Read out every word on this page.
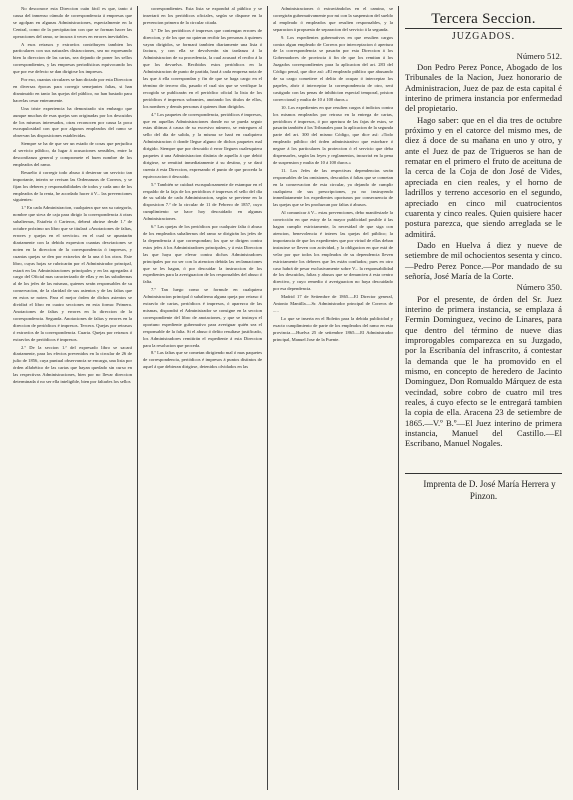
No desconoce esta Direccion cuán fácil es que, tanto á causa del inmenso cúmulo de correspondencia á empresas que se agolpan en algunas Administraciones, especialmente en la Central, como de la precipitacion con que se forman hacer las operaciones del ramo, se incurra á veces en errores inevitables.

A esos retrasos y extravíos contribuyen tambien los particulares con sus naturales distracciones, sea no expresando bien la direccion de las cartas, sea dejando de poner los sellos correspondientes, y las empresas periodísticas equivocando los que por ese defecto se dan dirigirse los impresos.

Por eso, cuantas circulares se han dictado por esta Direccion en diversas épocas para corregir semejantes faltas, si han disminuido en tanto las quejas del público, no han bastado para hacerlas cesar enteramente.

Una triste experiencia ha demostrado sin embargo que aunque muchas de esas quejas son originadas por los descuidos de los mismos interesados, otras reconocen por causa la poca escrupulosidad con que por algunos empleados del ramo se observan las disposiciones establecidas.

Siempre se ha de que ser un estado de cosas que perjudica al servicio público, da lugar á acusaciones sensibles, entre la desconfianza general y compromete el buen nombre de los empleados del ramo.

Resuelto á corregir todo abuso á desterrar un servicio tan importante, interin se revisan las Ordenanzas de Correos, y se fijan los deberes y responsabilidades de todos y cada uno de los empleados de la renta, he acordado hacer á V... las prevenciones siguientes:

1.º En cada Administracion, cualquiera que sea su categoría, nombre que sirva de caja para dirigir la correspondencia á otras subalternas, Estafeta ó Carteros, deberá abrirse desde 1.º de octubre próximo un libro que se titulará «Anotaciones de faltas, errores y quejas en el servicio» en el cual se apuntarán diariamente con la debida expresion cuantas desviaciones se noten en la direccion de la correspondencia ó impresos, y cuantas quejas se den por extravíos de la una ó los otros. Este libro, cuyas hojas se rubricarán por el Administrador principal, estará en las Administraciones principales y en las agregadas á cargo del Oficial mas caracterizado de ellas y en las subalternas al de los jefes de las mismas, quienes serán responsables de su conservacion, de la claridad de sus asientos y de las faltas que en estos se noten. Para el mejor órden de dichos asientos se dividirá el libro en cuatro secciones en esta forma: Primera. Anotaciones de faltas y errores en la direccion de la correspondencia. Segunda. Anotaciones de faltas y errores en la direccion de periódicos é impresos. Tercera. Quejas por retrasos ó extravíos de la correspondencia. Cuarta. Quejas por retrasos ó extravíos de periódicos é impresos.

2.º De la seccion 1.ª del expresado libro se sacará diariamente, para los efectos prevenidos en la circular de 26 de julio de 1856, cuya puntual observancia se encarga, una lista por órden alfabético de las cartas que hayan quedado sin curso en las respectivas Administraciones, bien por no llevar direccion determinada ó no ser ella inteligible, bien por faltarles los sellos

correspondientes. Esta lista se expondrá al público y se insertará en los periódicos oficiales, según se dispone en la prevencion primera de la circular citada.

3.º De los periódicos é impresos que contengan errores de direccion, y de los que no quieran recibir las personas á quienes vayan dirigidos, se formará tambien diariamente una lista ó factura, y con ella se devolverán sin tardanza á la Administracion de su procedencia, la cual acusará el recibo á la que los devuelva. Recibidos estos periódicos en la Administracion de punto de partida, hará á cada empresa nota de las que á ella correspondan y fin de que se haga cargo en el término de tercero día, pasado el cual sin que se verifique la recogida se publicarán en el periódico oficial la lista de los periódicos é impresos sobrantes, anotando los títulos de ellos, los nombres y demás personas á quienes iban dirigidos.

4.º Los paquetes de correspondencia, periódicos é impresos, que en aquellas Administraciones donde no se pueda seguir estas últimas á causa de su excesivo número, se entreguen al sello del día de salida, y la misma se hará en cualquiera Administracion ó donde llegue alguno de dichos paquetes mal dirigido. Siempre que por descuido ó error lleguen cualesquiera paquetes á una Administracion distinta de aquella á que debió dirigirse, se remitirá inmediatamente á su destino, y se dará cuenta á esta Direccion, expresando el punto de que proceda la equivocacion ó descuido.

5.º También se cuidará escrupulosamente de estampar en el respaldo de la faja de los periódicos é impresos el sello del día de su salida de cada Administracion, según se previene en la disposicion 7.ª de la circular de 11 de Febrero de 1857, cuyo cumplimiento se hace hoy descuidado en algunas Administraciones.

6.º Las quejas de los periódicos por cualquier falta ó abuso de los empleados subalternos del ramo se dirigirán los jefes de la dependencia á que correspondan; los que se dirigen contra estos jefes á los Administradores principales, y á esta Direccion las que haya que elevar contra dichos Administradores principales por no ser con la atencion debida las reclamaciones que se les hagan, ó por descuidar la instruccion de los expedientes para la averiguacion de los responsables del abuso ó falta.

7.º Tan luego como se formule en cualquiera Administracion principal ó subalterna alguna queja por retraso ó extravío de cartas, periódicos é impresos, ó aparezca de las mismas, dispondrá el Administrador se consigne en la seccion correspondiente del libro de anotaciones, y que se instruya el oportuno expediente gubernativo para averiguar quién sea el responsable de la falta. Si el abuso ó delito resultase justificado, los Administradores remitirán el expediente á esta Direccion para la resolucion que proceda.

8.º Las faltas que se cometan dirigiendo mal ó mas paquetes de correspondencia, periódicos é impresos á puntos distintos de aquel á que debieran dirigirse, detenidos olvidados en las

Administraciones ó extraviándolos en el camino, se corregirán gubernativamente por mi con la suspension del sueldo al empleado ó empleados que resulten responsables, y la separacion á propuesta de separacion del servicio á la segunda.

9. Los expedientes gubernativos en que resulten cargos contra algun empleado de Correos por interceptacion ó apertura de la correspondencia se pasarán por esta Direccion á los Gobernadores de provincia á fin de que los remitan á los Juzgados correspondientes para la aplicacion del art. 283 del Código penal, que dice así: «El empleado público que abusando de su cargo cometiere el delito de ocupar ó interceptar los papeles, abrir ó interceptar la correspondencia de otro, será castigado con las penas de inhibicion especial temporal, prision correccional y multa de 10 á 100 duros.»

10. Los expedientes en que resulten cargos ó indicios contra los mismos empleados por retraso en la entrega de cartas, periódicos é impresos, ó por apertura de las fajas de estos, se pasarán también á los Tribunales para la aplicacion de la segunda parte del art. 300 del mismo Código, que dice así: «Todo empleado público del órden administrativo que estorbare ó negare á los particulares la proteccion ó el servicio que deba dispensarles, según las leyes y reglamentos, incurrirá en la pena de suspension y multa de 10 á 100 duros.»

11. Los Jefes de las respectivas dependencias serán responsables de las omisiones, descuidos ó faltas que se cometan en la conservacion de esta circular, ya dejando de cumplir cualquiera de sus prescripciones, ya no instruyendo inmediatamente los expedientes oportunos por consecuencia de las quejas que se les produzcan por faltas ó abusos.

Al comunicar á V... estas prevenciones, debo manifestarle la convicción en que estoy de la mayor publicidad posible á las hagan cumplir estrictamente, la necesidad de que siga con atencion, benevolencia é interes las quejas del público; la importancia de que los expedientes que por virtud de ellas deban instruirse se lleven con actividad, y la obligacion en que está de velar por que todos los empleados de su dependencia lleven estrictamente los deberes que les están confiados; pues en otro caso habrá de pesar exclusivamente sobre V... la responsabilidad de los descuidos, faltas y abusos que se denuncien á esta centro directivo, y cuyo remedio ó averiguacion no haya descuidado por esa dependencia.

Madrid 17 de Setiembre de 1865.—El Director general, Antonio Mantilla.—Sr. Administrador principal de Correos de .....

Lo que se inserta en el Boletin para la debida publicidad y exacto cumplimiento de parte de los empleados del ramo en esta provincia.—Huelva 25 de setiembre 1865.—El Administrador principal, Manuel Jose de la Fuente.

Tercera Seccion.
JUZGADOS.

Número 512.

Don Pedro Perez Ponce, Abogado de los Tribunales de la Nacion, Juez honorario de Administracion, Juez de paz de esta capital é interino de primera instancia por enfermedad del propietario.

Hago saber: que en el dia tres de octubre próximo y en el catorce del mismo mes, de diez á doce de su mañana en uno y otro, y ante el Juez de paz de Trigueros se han de rematar en el primero el fruto de aceituna de la cerca de la Coja de don José de Vides, apreciada en cien reales, y el horno de ladrillos y terreno accesorio en el segundo, apreciado en cinco mil cuatrocientos cuarenta y cinco reales. Quien quisiere hacer postura parezca, que siendo arreglada se le admitirá.

Dado en Huelva á diez y nueve de setiembre de mil ochocientos sesenta y cinco.—Pedro Perez Ponce.—Por mandado de su señoría, José María de la Corte.

Número 350.

Por el presente, de órden del Sr. Juez interino de primera instancia, se emplaza á Fermin Dominguez, vecino de Linares, para que dentro del término de nueve dias improrogables comparezca en su Juzgado, por la Escribanía del infrascrito, á contestar la demanda que le ha promovido en el mismo, en concepto de heredero de Jacinto Dominguez, Don Romualdo Márquez de esta vecindad, sobre cobro de cuatro mil tres reales, á cuyo efecto se le entregará tambien la copia de ella. Aracena 23 de setiembre de 1865.—V.º B.º—El Juez interino de primera instancia, Manuel del Castillo.—El Escribano, Manuel Nogales.

Imprenta de D. José María Herrera y Pinzon.
